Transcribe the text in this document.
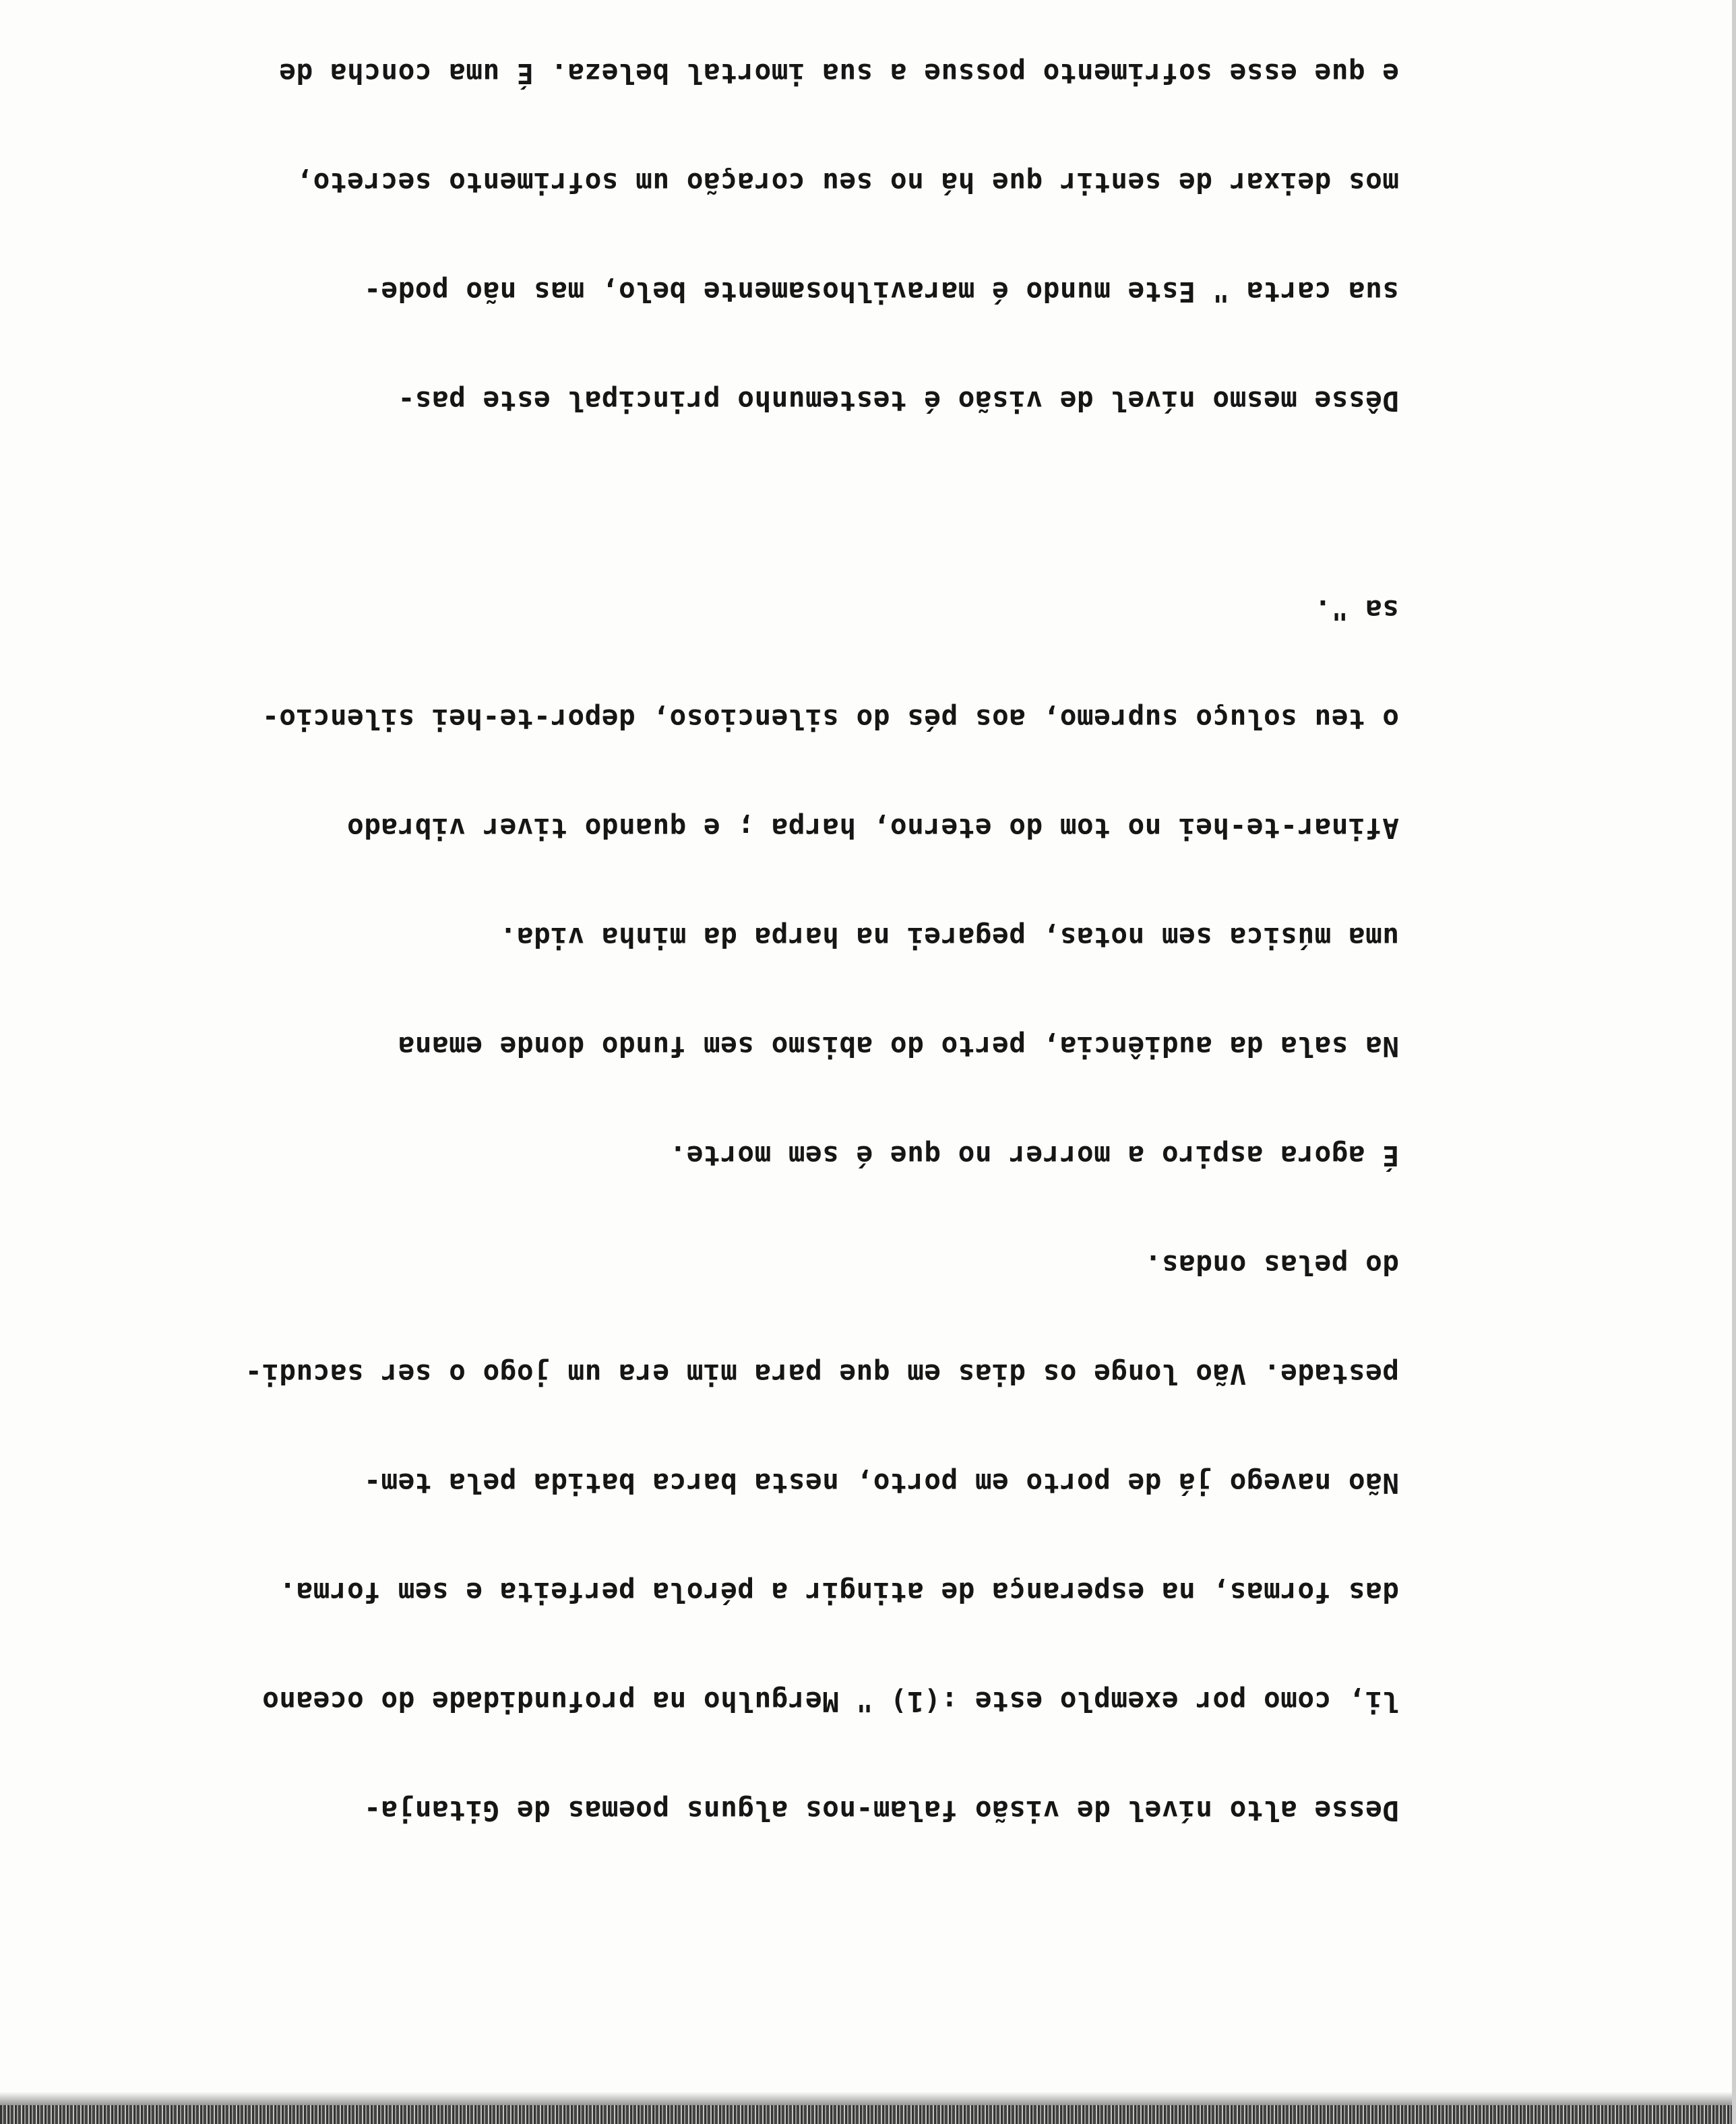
Desse alto nível de visão falam-nos alguns poemas de Gitanja-

li, como por exemplo este :(1) " Mergulho na profundidade do oceano

das formas, na esperança de atingir a pérola perfeita e sem forma.

Não navego já de porto em porto, nesta barca batida pela tem-

pestade. Vão longe os dias em que para mim era um jogo o ser sacudi-

do pelas ondas.

É agora aspiro a morrer no que é sem morte.

Na sala da audiência, perto do abismo sem fundo donde emana

uma música sem notas, pegarei na harpa da minha vida.

Afinar-te-hei no tom do eterno, harpa ; e quando tiver vibrado

o teu soluço supremo, aos pés do silencioso, depor-te-hei silencio-

sa ".

Dêsse mesmo nível de visão é testemunho principal este pas-

sua carta " Este mundo é maravilhosamente belo, mas não pode-

mos deixar de sentir que há no seu coração um sofrimento secreto,

e que esse sofrimento possue a sua imortal beleza. É uma concha de
